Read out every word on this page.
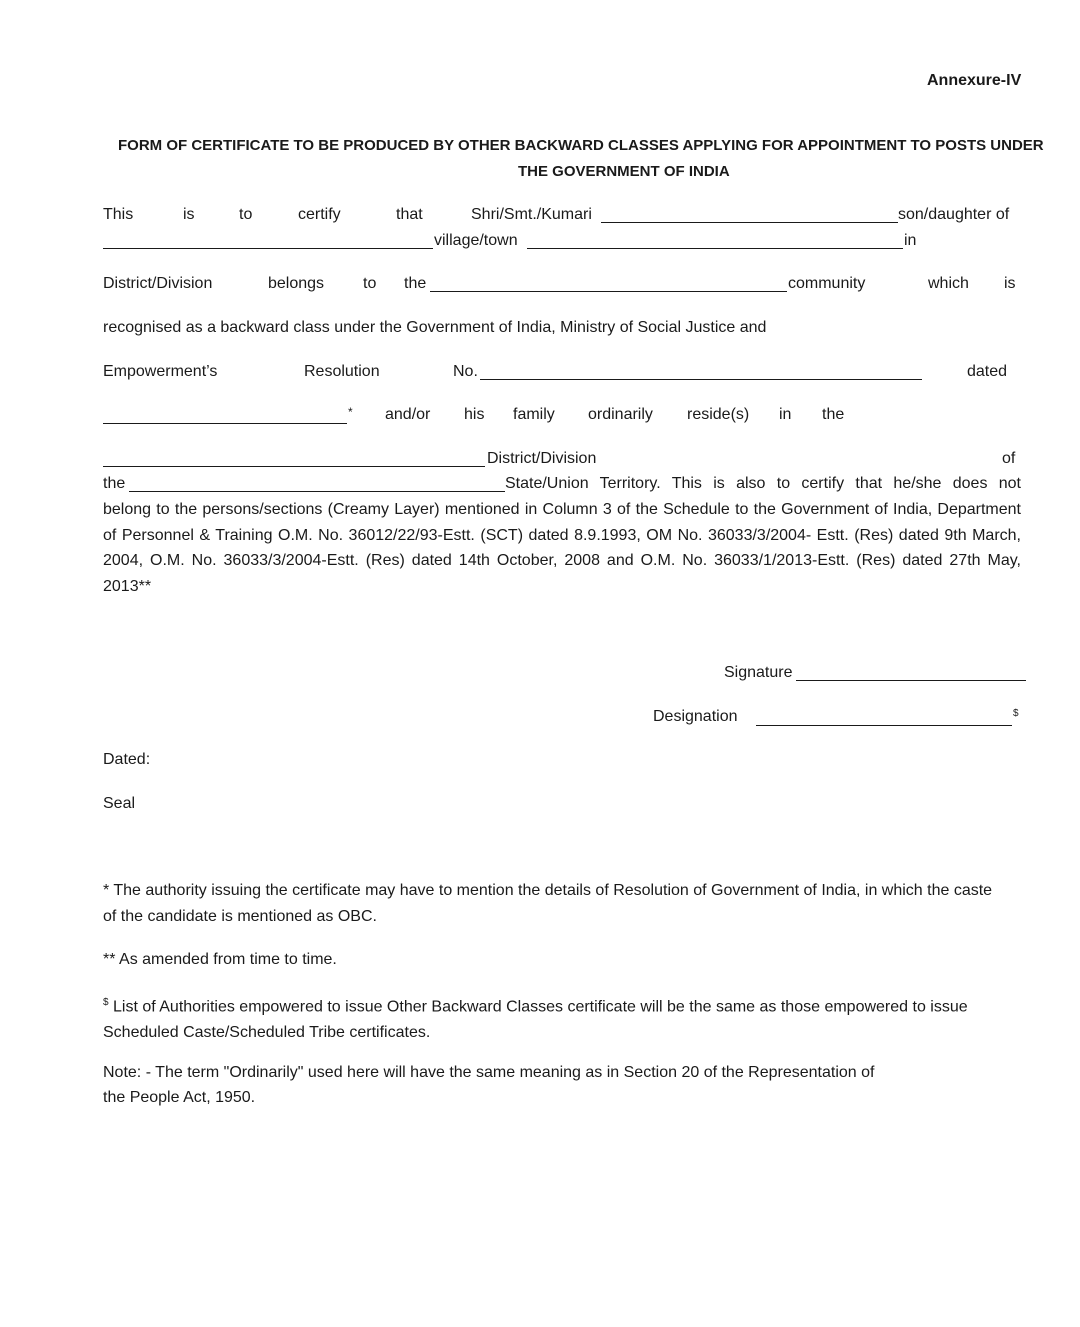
Annexure-IV
FORM OF CERTIFICATE TO BE PRODUCED BY OTHER BACKWARD CLASSES APPLYING FOR APPOINTMENT TO POSTS UNDER
THE GOVERNMENT OF INDIA
This	is	to	certify	that	Shri/Smt./Kumari	son/daughter of
village/town	in
District/Division	belongs to the	community	which is
recognised as a backward class under the Government of India, Ministry of Social Justice and
Empowerment’s	Resolution	No.	dated
* and/or his family ordinarily reside(s) in the
District/Division	of
the	State/Union Territory. This is also to certify that he/she does not
belong to the persons/sections (Creamy Layer) mentioned in Column 3 of the Schedule to the Government of India, Department of Personnel & Training O.M. No. 36012/22/93-Estt. (SCT) dated 8.9.1993, OM No. 36033/3/2004- Estt. (Res) dated 9th March, 2004, O.M. No. 36033/3/2004-Estt. (Res) dated 14th October, 2008 and O.M. No. 36033/1/2013-Estt. (Res) dated 27th May, 2013**
Signature
Designation	$
Dated:
Seal
* The authority issuing the certificate may have to mention the details of Resolution of Government of India, in which the caste of the candidate is mentioned as OBC.
** As amended from time to time.
$ List of Authorities empowered to issue Other Backward Classes certificate will be the same as those empowered to issue Scheduled Caste/Scheduled Tribe certificates.
Note: - The term "Ordinarily" used here will have the same meaning as in Section 20 of the Representation of
the People Act, 1950.
